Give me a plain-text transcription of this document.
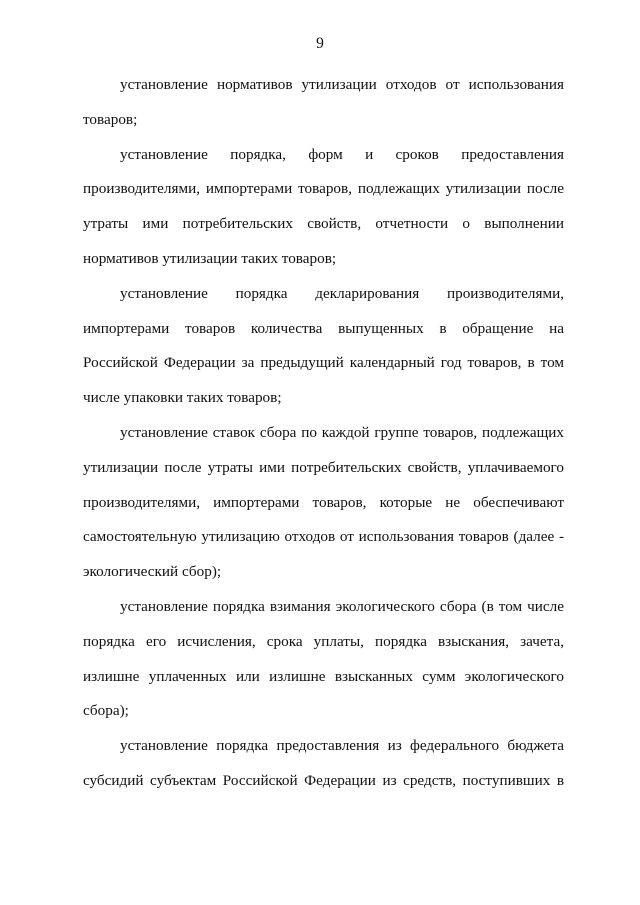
9
установление нормативов утилизации отходов от использования
товаров;
установление порядка, форм и сроков предоставления
производителями, импортерами товаров, подлежащих утилизации после
утраты ими потребительских свойств, отчетности о выполнении
нормативов утилизации таких товаров;
установление порядка декларирования производителями,
импортерами товаров количества выпущенных в обращение на
Российской Федерации за предыдущий календарный год товаров, в том
числе упаковки таких товаров;
установление ставок сбора по каждой группе товаров, подлежащих
утилизации после утраты ими потребительских свойств, уплачиваемого
производителями, импортерами товаров, которые не обеспечивают
самостоятельную утилизацию отходов от использования товаров (далее -
экологический сбор);
установление порядка взимания экологического сбора (в том числе
порядка его исчисления, срока уплаты, порядка взыскания, зачета,
излишне уплаченных или излишне взысканных сумм экологического
сбора);
установление порядка предоставления из федерального бюджета
субсидий субъектам Российской Федерации из средств, поступивших в
